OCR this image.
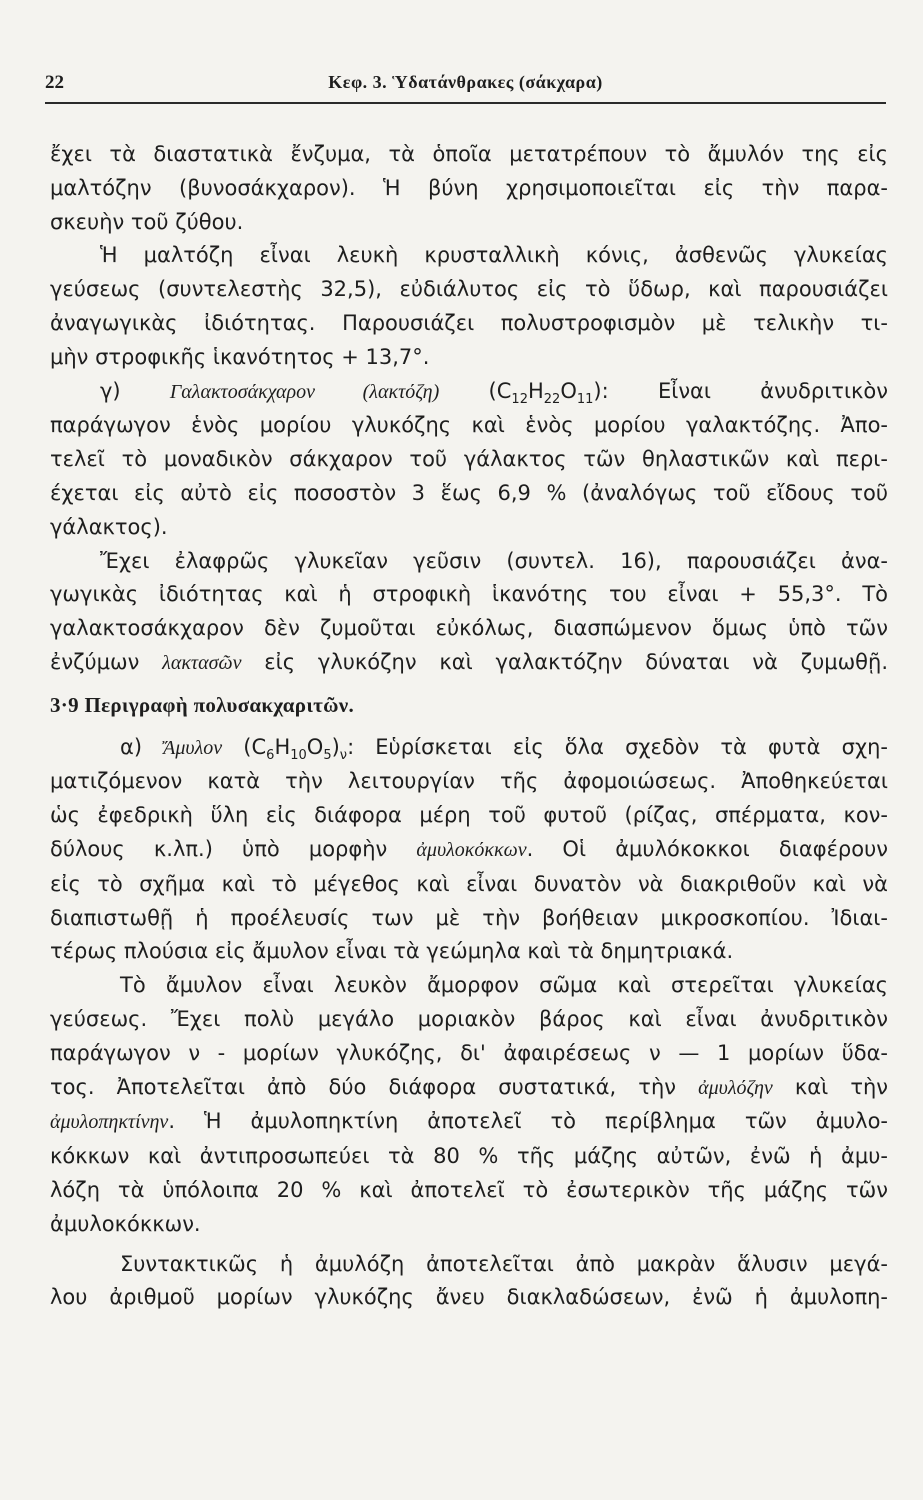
22	Κεφ. 3. Ὑδατάνθρακες (σάκχαρα)
ἔχει τὰ διαστατικὰ ἔνζυμα, τὰ ὁποῖα μετατρέπουν τὸ ἄμυλόν της εἰς
μαλτόζην (βυνοσάκχαρον). Ἡ βύνη χρησιμοποιεῖται εἰς τὴν παρα-
σκευὴν τοῦ ζύθου.
Ἡ μαλτόζη εἶναι λευκὴ κρυσταλλικὴ κόνις, ἀσθενῶς γλυκείας
γεύσεως (συντελεστὴς 32,5), εὐδιάλυτος εἰς τὸ ὕδωρ, καὶ παρουσιάζει
ἀναγωγικὰς ἰδιότητας. Παρουσιάζει πολυστροφισμὸν μὲ τελικὴν τι-
μὴν στροφικῆς ἱκανότητος + 13,7°.
γ) Γαλακτοσάκχαρον (λακτόζη) $(C_{12}H_{22}O_{11})$: Εἶναι ἀνυδριτικὸν
παράγωγον ἑνὸς μορίου γλυκόζης καὶ ἑνὸς μορίου γαλακτόζης. Ἀπο-
τελεῖ τὸ μοναδικὸν σάκχαρον τοῦ γάλακτος τῶν θηλαστικῶν καὶ περι-
έχεται εἰς αὐτὸ εἰς ποσοστὸν 3 ἕως 6,9 % (ἀναλόγως τοῦ εἴδους τοῦ
γάλακτος).
Ἔχει ἐλαφρῶς γλυκεῖαν γεῦσιν (συντελ. 16), παρουσιάζει ἀνα-
γωγικὰς ἰδιότητας καὶ ἡ στροφικὴ ἱκανότης του εἶναι + 55,3°. Τὸ
γαλακτοσάκχαρον δὲν ζυμοῦται εὐκόλως, διασπώμενον ὅμως ὑπὸ τῶν
ἐνζύμων λακτασῶν εἰς γλυκόζην καὶ γαλακτόζην δύναται νὰ ζυμωθῇ.
3·9 Περιγραφὴ πολυσακχαριτῶν.
α) Ἄμυλον $(C_6H_{10}O_5)_\nu$: Εὑρίσκεται εἰς ὅλα σχεδὸν τὰ φυτὰ σχη-
ματιζόμενον κατὰ τὴν λειτουργίαν τῆς ἀφομοιώσεως. Ἀποθηκεύεται
ὡς ἐφεδρικὴ ὕλη εἰς διάφορα μέρη τοῦ φυτοῦ (ρίζας, σπέρματα, κον-
δύλους κ.λπ.) ὑπὸ μορφὴν ἀμυλοκόκκων. Οἱ ἀμυλόκοκκοι διαφέρουν
εἰς τὸ σχῆμα καὶ τὸ μέγεθος καὶ εἶναι δυνατὸν νὰ διακριθοῦν καὶ νὰ
διαπιστωθῇ ἡ προέλευσίς των μὲ τὴν βοήθειαν μικροσκοπίου. Ἰδιαι-
τέρως πλούσια εἰς ἄμυλον εἶναι τὰ γεώμηλα καὶ τὰ δημητριακά.
Τὸ ἄμυλον εἶναι λευκὸν ἄμορφον σῶμα καὶ στερεῖται γλυκείας
γεύσεως. Ἔχει πολὺ μεγάλο μοριακὸν βάρος καὶ εἶναι ἀνυδριτικὸν
παράγωγον ν - μορίων γλυκόζης, δι' ἀφαιρέσεως ν — 1 μορίων ὕδα-
τος. Ἀποτελεῖται ἀπὸ δύο διάφορα συστατικά, τὴν ἀμυλόζην καὶ τὴν
ἀμυλοπηκτίνην. Ἡ ἀμυλοπηκτίνη ἀποτελεῖ τὸ περίβλημα τῶν ἀμυλο-
κόκκων καὶ ἀντιπροσωπεύει τὰ 80 % τῆς μάζης αὐτῶν, ἐνῶ ἡ ἀμυ-
λόζη τὰ ὑπόλοιπα 20 % καὶ ἀποτελεῖ τὸ ἐσωτερικὸν τῆς μάζης τῶν
ἀμυλοκόκκων.
Συντακτικῶς ἡ ἀμυλόζη ἀποτελεῖται ἀπὸ μακρὰν ἅλυσιν μεγά-
λου ἀριθμοῦ μορίων γλυκόζης ἄνευ διακλαδώσεων, ἐνῶ ἡ ἀμυλοπη-
